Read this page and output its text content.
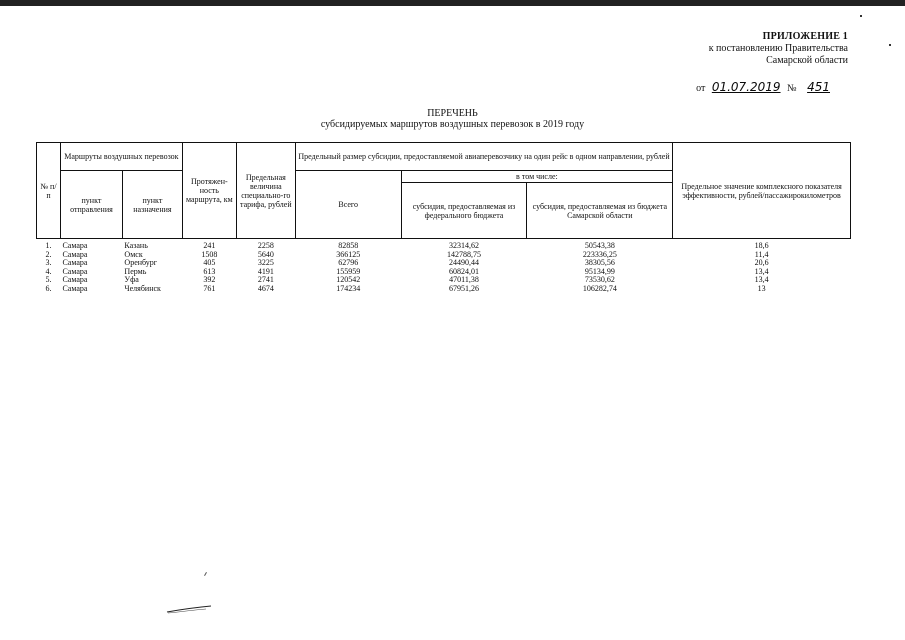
ПРИЛОЖЕНИЕ 1
к постановлению Правительства
Самарской области
от 01.07.2019 № 451
ПЕРЕЧЕНЬ
субсидируемых маршрутов воздушных перевозок в 2019 году
№ п/п	Маршруты воздушных перевозок		Протяжен-ность маршрута, км	Предельная величина специально-го тарифа, рублей	Предельный размер субсидии, предоставляемой авиаперевозчику на один рейс в одном направлении, рублей			Предельное значение комплексного показателя эффективности, рублей/пассажирокилометров
	пункт отправления	пункт назначения			Всего	в том числе:		
						субсидия, предоставляемая из федерального бюджета	субсидия, предоставляемая из бюджета Самарской области	

1.	Самара	Казань	241	2258	82858	32314,62	50543,38	18,6
2.	Самара	Омск	1508	5640	366125	142788,75	223336,25	11,4
3.	Самара	Оренбург	405	3225	62796	24490,44	38305,56	20,6
4.	Самара	Пермь	613	4191	155959	60824,01	95134,99	13,4
5.	Самара	Уфа	392	2741	120542	47011,38	73530,62	13,4
6.	Самара	Челябинск	761	4674	174234	67951,26	106282,74	13
